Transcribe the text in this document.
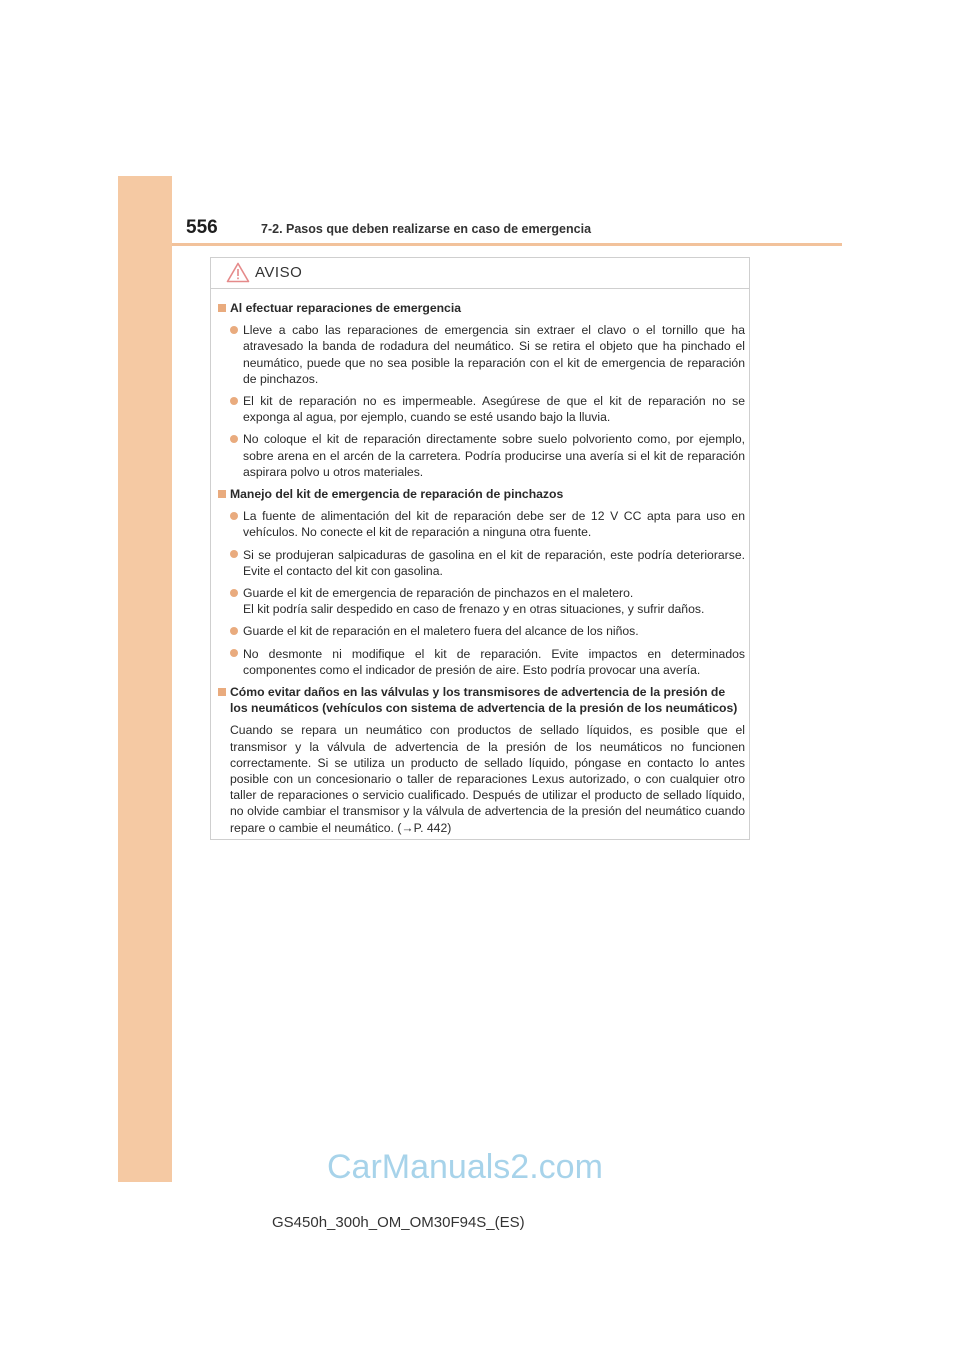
556	7-2. Pasos que deben realizarse en caso de emergencia
AVISO
Al efectuar reparaciones de emergencia
Lleve a cabo las reparaciones de emergencia sin extraer el clavo o el tornillo que ha atravesado la banda de rodadura del neumático. Si se retira el objeto que ha pinchado el neumático, puede que no sea posible la reparación con el kit de emergencia de reparación de pinchazos.
El kit de reparación no es impermeable. Asegúrese de que el kit de reparación no se exponga al agua, por ejemplo, cuando se esté usando bajo la lluvia.
No coloque el kit de reparación directamente sobre suelo polvoriento como, por ejemplo, sobre arena en el arcén de la carretera. Podría producirse una avería si el kit de reparación aspirara polvo u otros materiales.
Manejo del kit de emergencia de reparación de pinchazos
La fuente de alimentación del kit de reparación debe ser de 12 V CC apta para uso en vehículos. No conecte el kit de reparación a ninguna otra fuente.
Si se produjeran salpicaduras de gasolina en el kit de reparación, este podría deteriorarse. Evite el contacto del kit con gasolina.
Guarde el kit de emergencia de reparación de pinchazos en el maletero.
El kit podría salir despedido en caso de frenazo y en otras situaciones, y sufrir daños.
Guarde el kit de reparación en el maletero fuera del alcance de los niños.
No desmonte ni modifique el kit de reparación. Evite impactos en determinados componentes como el indicador de presión de aire. Esto podría provocar una avería.
Cómo evitar daños en las válvulas y los transmisores de advertencia de la presión de los neumáticos (vehículos con sistema de advertencia de la presión de los neumáticos)
Cuando se repara un neumático con productos de sellado líquidos, es posible que el transmisor y la válvula de advertencia de la presión de los neumáticos no funcionen correctamente. Si se utiliza un producto de sellado líquido, póngase en contacto lo antes posible con un concesionario o taller de reparaciones Lexus autorizado, o con cualquier otro taller de reparaciones o servicio cualificado. Después de utilizar el producto de sellado líquido, no olvide cambiar el transmisor y la válvula de advertencia de la presión del neumático cuando repare o cambie el neumático. (→P. 442)
CarManuals2.com
GS450h_300h_OM_OM30F94S_(ES)
